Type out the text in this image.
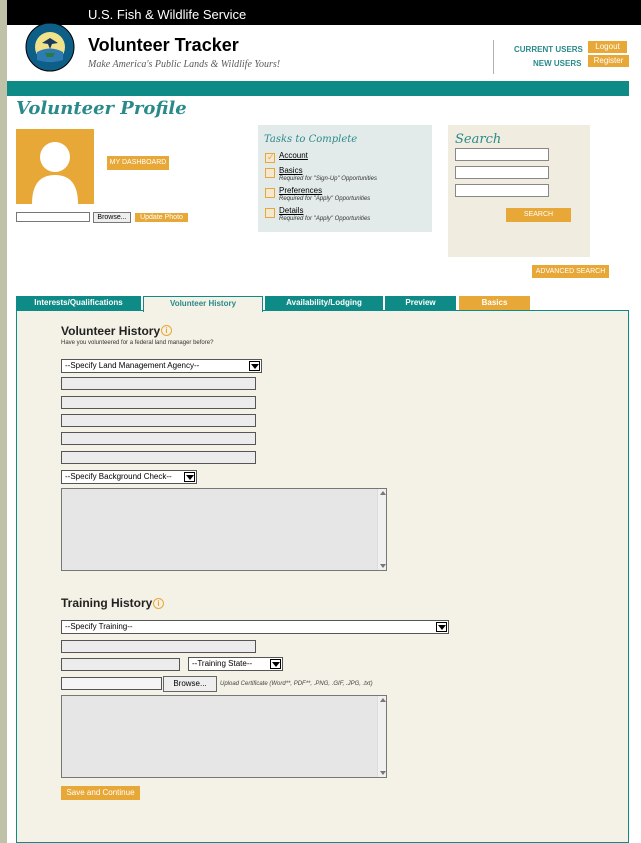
U.S. Fish & Wildlife Service
Volunteer Tracker
Make America's Public Lands & Wildlife Yours!
CURRENT USERS	Logout
NEW USERS	Register
Volunteer Profile
MY DASHBOARD
Browse...	Update Photo
Tasks to Complete
✓ Account
Basics
Required for "Sign-Up" Opportunities
Preferences
Required for "Apply" Opportunities
Details
Required for "Apply" Opportunities
Search
SEARCH
ADVANCED SEARCH
Interests/Qualifications	Volunteer History	Availability/Lodging	Preview	Basics
Volunteer History i
Have you volunteered for a federal land manager before?
--Specify Land Management Agency--
--Specify Background Check--
Training History i
--Specify Training--
--Training State--
Browse...	Upload Certificate (Word**, PDF**, .PNG, .GIF, .JPG, .txt)
Save and Continue
